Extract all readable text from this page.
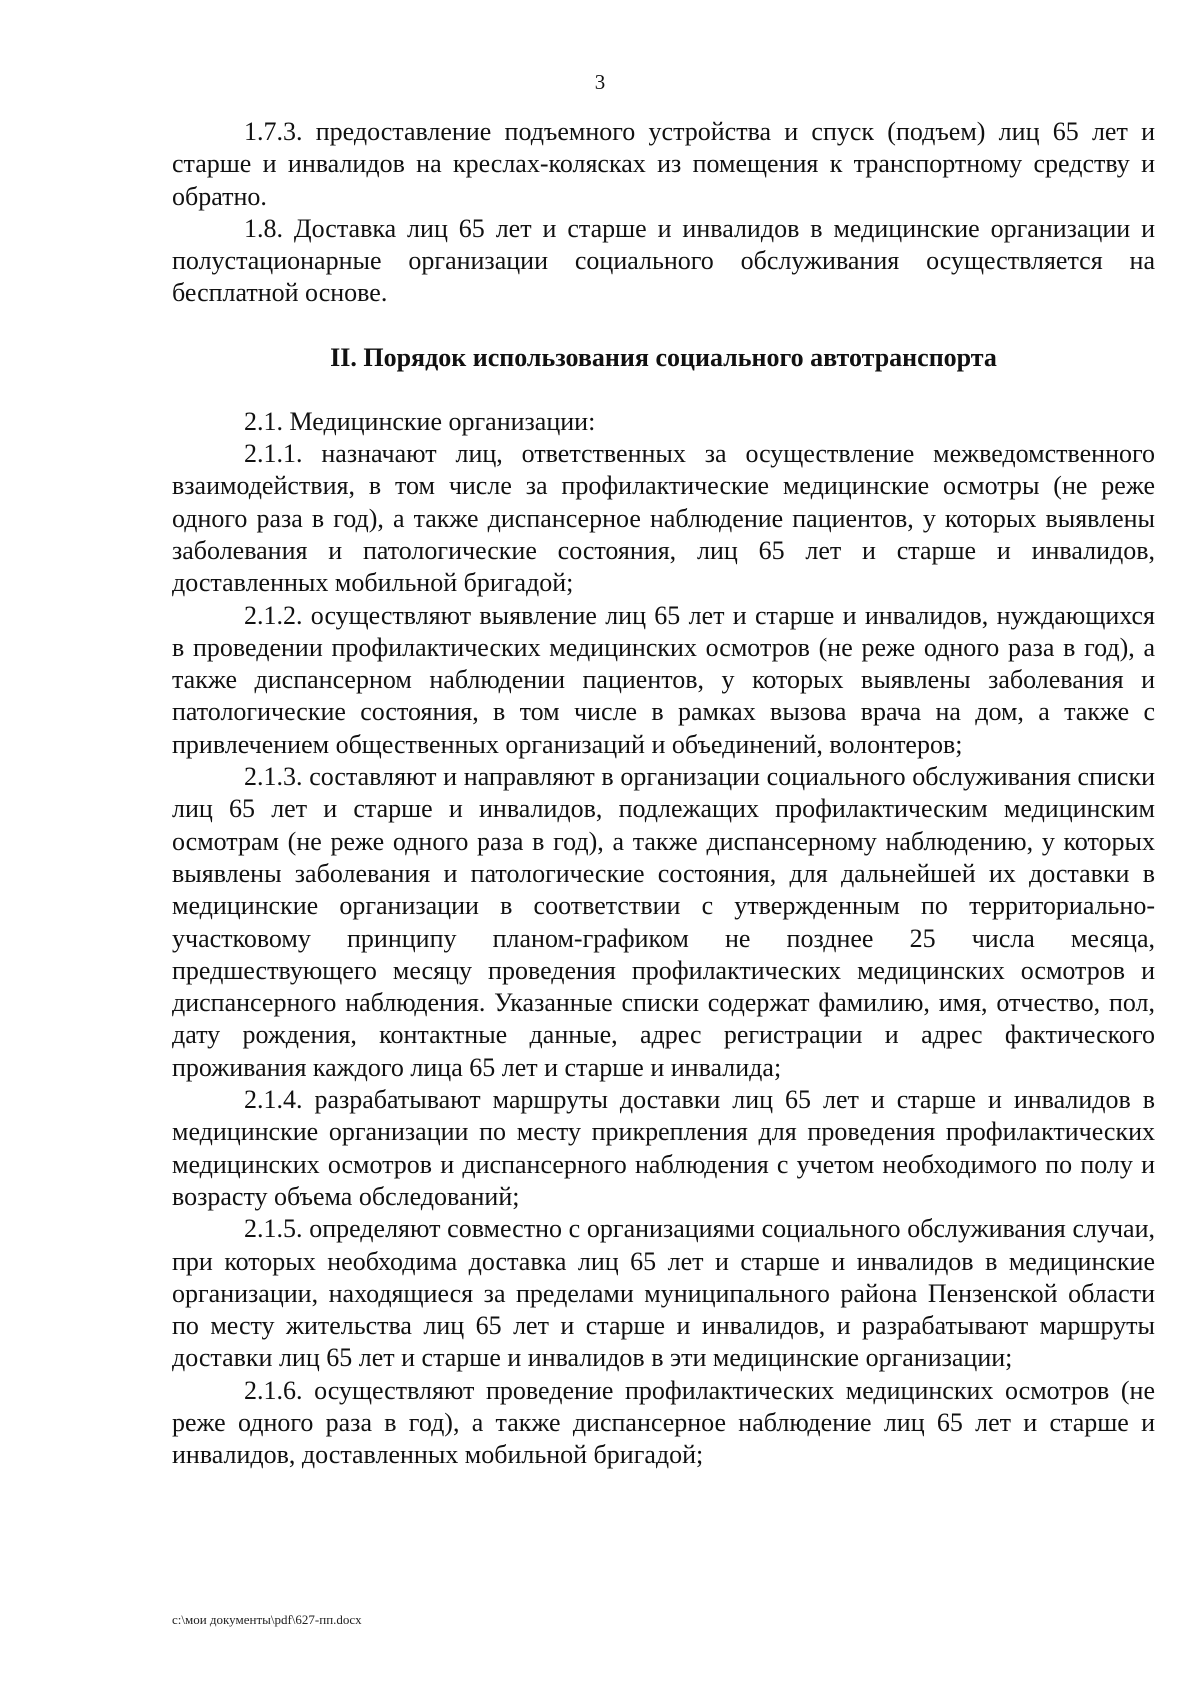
3

1.7.3. предоставление подъемного устройства и спуск (подъем) лиц 65 лет и старше и инвалидов на креслах-колясках из помещения к транспортному средству и обратно.

1.8. Доставка лиц 65 лет и старше и инвалидов в медицинские организации и полустационарные организации социального обслуживания осуществляется на бесплатной основе.

II. Порядок использования социального автотранспорта

2.1. Медицинские организации:

2.1.1. назначают лиц, ответственных за осуществление межведомственного взаимодействия, в том числе за профилактические медицинские осмотры (не реже одного раза в год), а также диспансерное наблюдение пациентов, у которых выявлены заболевания и патологические состояния, лиц 65 лет и старше и инвалидов, доставленных мобильной бригадой;

2.1.2. осуществляют выявление лиц 65 лет и старше и инвалидов, нуждающихся в проведении профилактических медицинских осмотров (не реже одного раза в год), а также диспансерном наблюдении пациентов, у которых выявлены заболевания и патологические состояния, в том числе в рамках вызова врача на дом, а также с привлечением общественных организаций и объединений, волонтеров;

2.1.3. составляют и направляют в организации социального обслуживания списки лиц 65 лет и старше и инвалидов, подлежащих профилактическим медицинским осмотрам (не реже одного раза в год), а также диспансерному наблюдению, у которых выявлены заболевания и патологические состояния, для дальнейшей их доставки в медицинские организации в соответствии с утвержденным по территориально-участковому принципу планом-графиком не позднее 25 числа месяца, предшествующего месяцу проведения профилактических медицинских осмотров и диспансерного наблюдения. Указанные списки содержат фамилию, имя, отчество, пол, дату рождения, контактные данные, адрес регистрации и адрес фактического проживания каждого лица 65 лет и старше и инвалида;

2.1.4. разрабатывают маршруты доставки лиц 65 лет и старше и инвалидов в медицинские организации по месту прикрепления для проведения профилактических медицинских осмотров и диспансерного наблюдения с учетом необходимого по полу и возрасту объема обследований;

2.1.5. определяют совместно с организациями социального обслуживания случаи, при которых необходима доставка лиц 65 лет и старше и инвалидов в медицинские организации, находящиеся за пределами муниципального района Пензенской области по месту жительства лиц 65 лет и старше и инвалидов, и разрабатывают маршруты доставки лиц 65 лет и старше и инвалидов в эти медицинские организации;

2.1.6. осуществляют проведение профилактических медицинских осмотров (не реже одного раза в год), а также диспансерное наблюдение лиц 65 лет и старше и инвалидов, доставленных мобильной бригадой;

c:\мои документы\pdf\627-пп.docx
